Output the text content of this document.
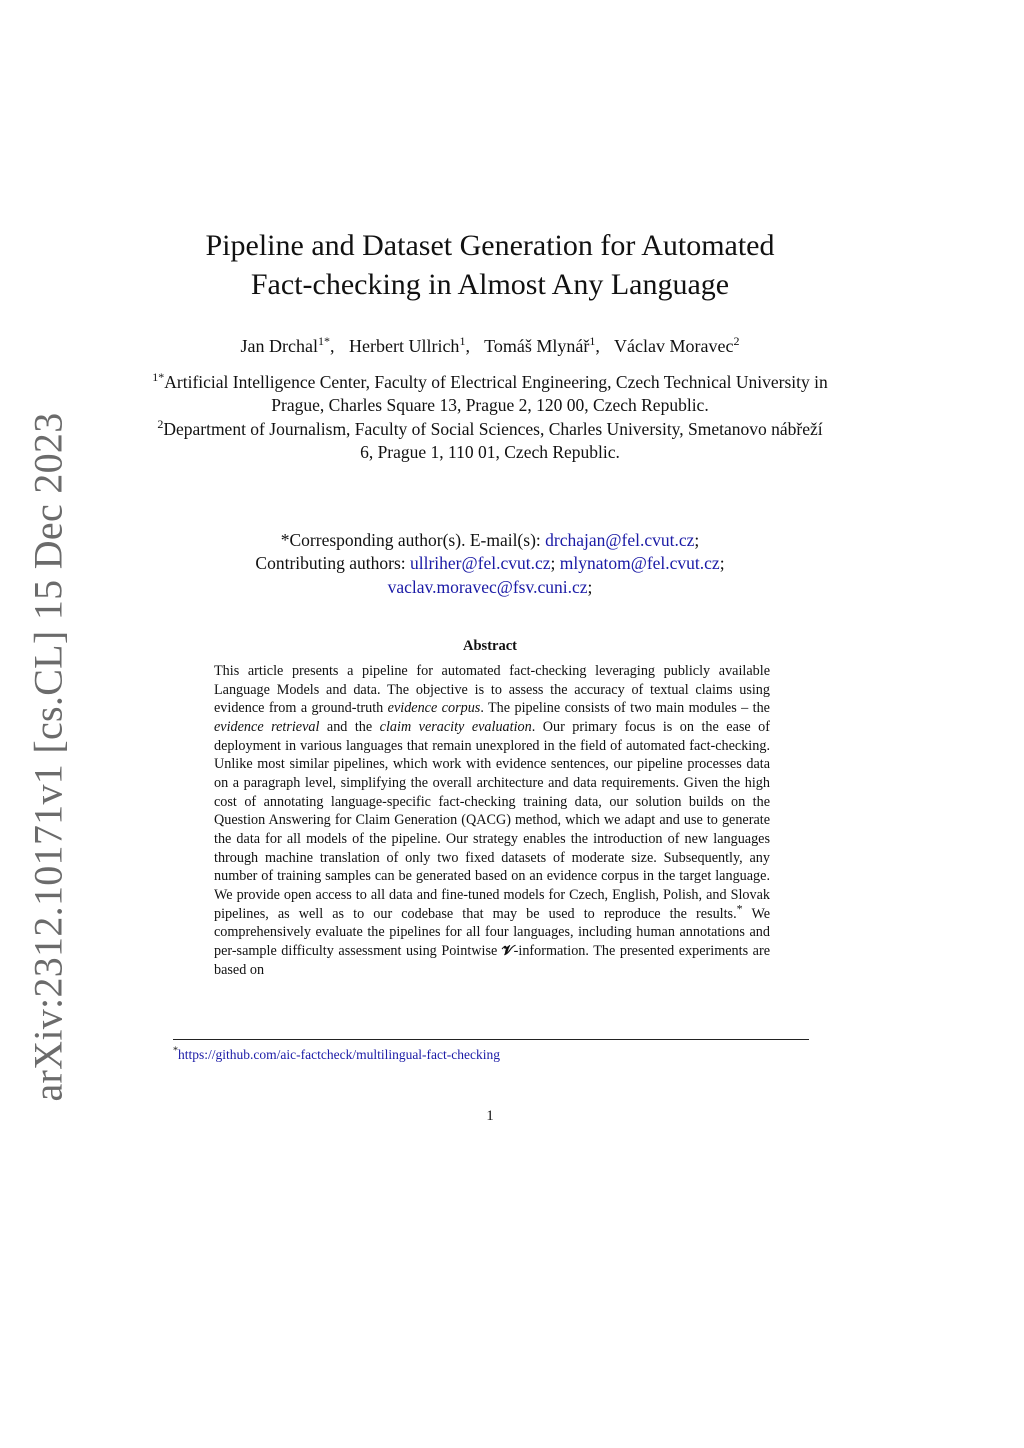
arXiv:2312.10171v1 [cs.CL] 15 Dec 2023
Pipeline and Dataset Generation for Automated
Fact-checking in Almost Any Language
Jan Drchal$^{1*}$, Herbert Ullrich$^1$, Tomáš Mlynář$^1$, Václav Moravec$^2$
$^{1*}$Artificial Intelligence Center, Faculty of Electrical Engineering, Czech Technical University in Prague, Charles Square 13, Prague 2, 120 00, Czech Republic.
$^2$Department of Journalism, Faculty of Social Sciences, Charles University, Smetanovo nábřeží 6, Prague 1, 110 01, Czech Republic.
*Corresponding author(s). E-mail(s): drchajan@fel.cvut.cz;
Contributing authors: ullriher@fel.cvut.cz; mlynatom@fel.cvut.cz;
vaclav.moravec@fsv.cuni.cz;
Abstract

This article presents a pipeline for automated fact-checking leveraging publicly available Language Models and data. The objective is to assess the accuracy of textual claims using evidence from a ground-truth evidence corpus. The pipeline consists of two main modules – the evidence retrieval and the claim veracity evaluation. Our primary focus is on the ease of deployment in various languages that remain unexplored in the field of automated fact-checking. Unlike most similar pipelines, which work with evidence sentences, our pipeline processes data on a paragraph level, simplifying the overall architecture and data requirements. Given the high cost of annotating language-specific fact-checking training data, our solution builds on the Question Answering for Claim Generation (QACG) method, which we adapt and use to generate the data for all models of the pipeline. Our strategy enables the introduction of new languages through machine translation of only two fixed datasets of moderate size. Subsequently, any number of training samples can be generated based on an evidence corpus in the target language. We provide open access to all data and fine-tuned models for Czech, English, Polish, and Slovak pipelines, as well as to our codebase that may be used to reproduce the results.* We comprehensively evaluate the pipelines for all four languages, including human annotations and per-sample difficulty assessment using Pointwise 𝓥-information. The presented experiments are based on

*https://github.com/aic-factcheck/multilingual-fact-checking
1
